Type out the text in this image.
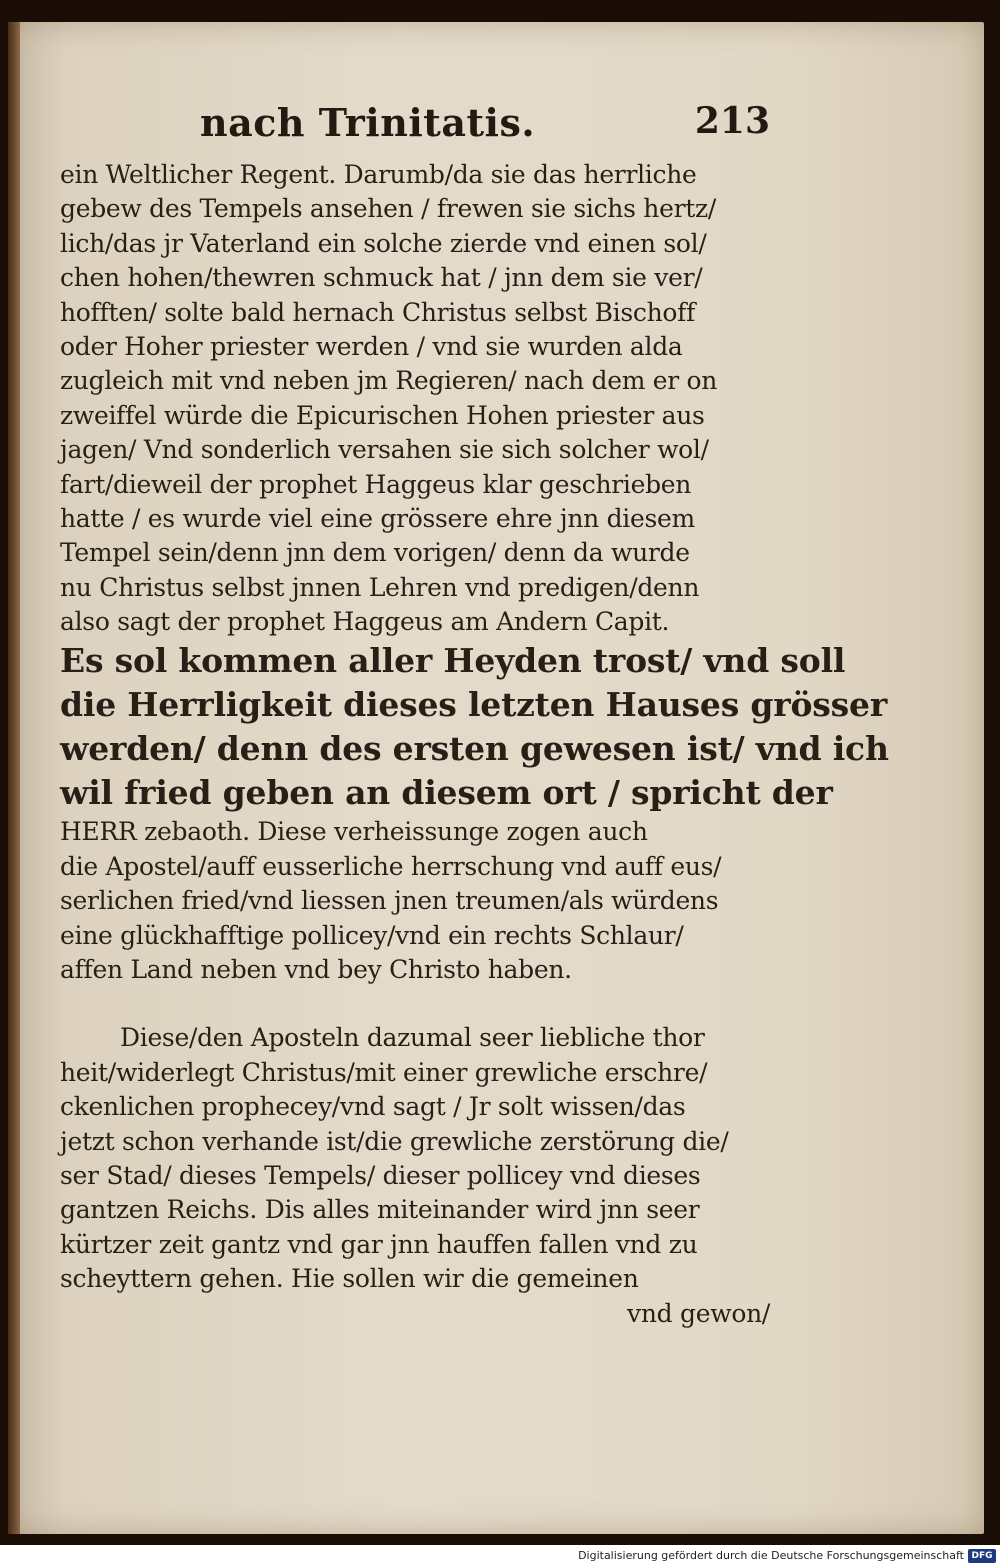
nach Trinitatis.	213
ein Weltlicher Regent. Darumb/da sie das herrliche
gebew des Tempels ansehen / frewen sie sichs hertz/
lich/das jr Vaterland ein solche zierde vnd einen sol/
chen hohen/thewren schmuck hat / jnn dem sie ver/
hofften/ solte bald hernach Christus selbst Bischoff
oder Hoher priester werden / vnd sie wurden alda
zugleich mit vnd neben jm Regieren/ nach dem er on
zweiffel würde die Epicurischen Hohen priester aus
jagen/ Vnd sonderlich versahen sie sich solcher wol/
fart/dieweil der prophet Haggeus klar geschrieben
hatte / es wurde viel eine grössere ehre jnn diesem
Tempel sein/denn jnn dem vorigen/ denn da wurde
nu Christus selbst jnnen Lehren vnd predigen/denn
also sagt der prophet Haggeus am Andern Capit.
Es sol kommen aller Heyden trost/ vnd soll
die Herrligkeit dieses letzten Hauses grösser
werden/ denn des ersten gewesen ist/ vnd ich
wil fried geben an diesem ort / spricht der
HERR zebaoth. Diese verheissunge zogen auch
die Apostel/auff eusserliche herrschung vnd auff eus/
serlichen fried/vnd liessen jnen treumen/als würdens
eine glückhafftige pollicey/vnd ein rechts Schlaur/
affen Land neben vnd bey Christo haben.
Diese/den Aposteln dazumal seer liebliche thor
heit/widerlegt Christus/mit einer grewliche erschre/
ckenlichen prophecey/vnd sagt / Jr solt wissen/das
jetzt schon verhande ist/die grewliche zerstörung die/
ser Stad/ dieses Tempels/ dieser pollicey vnd dieses
gantzen Reichs. Dis alles miteinander wird jnn seer
kürtzer zeit gantz vnd gar jnn hauffen fallen vnd zu
scheyttern gehen. Hie sollen wir die gemeinen
vnd gewon/
Digitalisierung gefördert durch die Deutsche Forschungsgemeinschaft DFG
